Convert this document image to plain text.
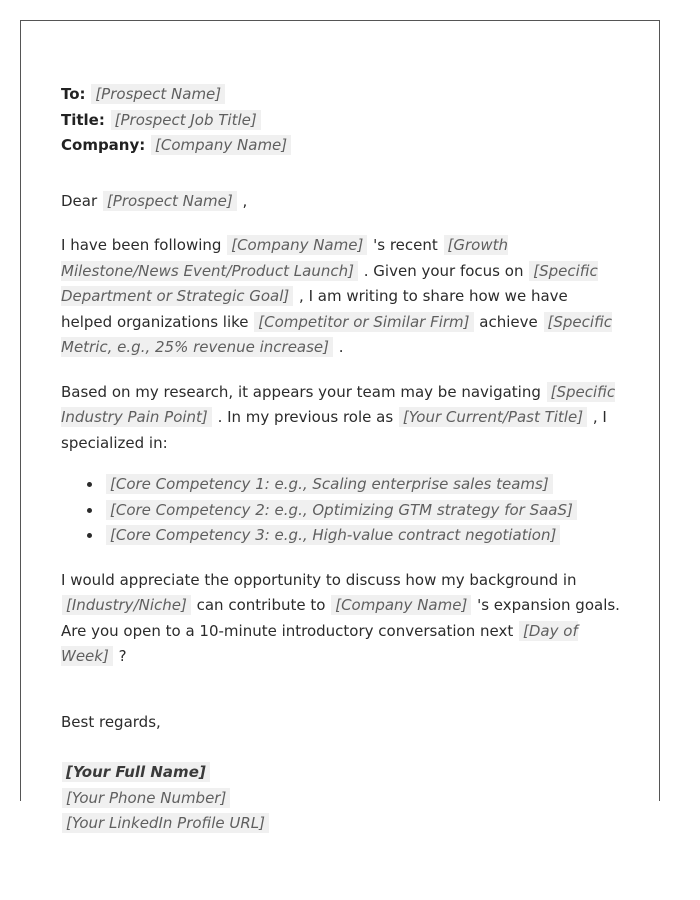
To: [Prospect Name]

Title: [Prospect Job Title]

Company: [Company Name]

Dear [Prospect Name] ,

I have been following [Company Name] 's recent [Growth Milestone/News Event/Product Launch] . Given your focus on [Specific Department or Strategic Goal] , I am writing to share how we have helped organizations like [Competitor or Similar Firm] achieve [Specific Metric, e.g., 25% revenue increase] .

Based on my research, it appears your team may be navigating [Specific Industry Pain Point] . In my previous role as [Your Current/Past Title] , I specialized in:

• [Core Competency 1: e.g., Scaling enterprise sales teams]
• [Core Competency 2: e.g., Optimizing GTM strategy for SaaS]
• [Core Competency 3: e.g., High-value contract negotiation]

I would appreciate the opportunity to discuss how my background in [Industry/Niche] can contribute to [Company Name] 's expansion goals. Are you open to a 10-minute introductory conversation next [Day of Week] ?

Best regards,

[Your Full Name]

[Your Phone Number]

[Your LinkedIn Profile URL]
